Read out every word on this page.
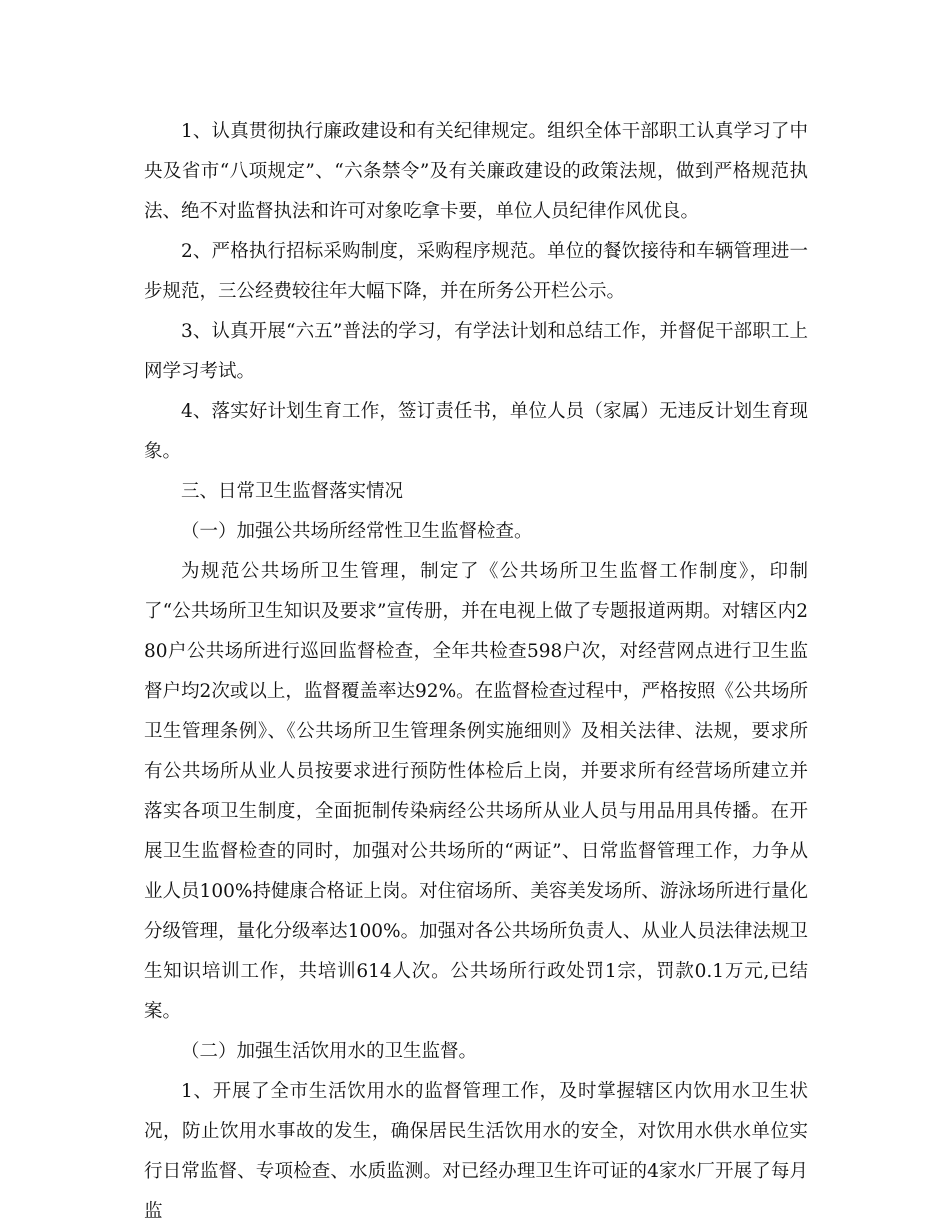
1、认真贯彻执行廉政建设和有关纪律规定。组织全体干部职工认真学习了中央及省市“八项规定”、“六条禁令”及有关廉政建设的政策法规，做到严格规范执法、绝不对监督执法和许可对象吃拿卡要，单位人员纪律作风优良。

2、严格执行招标采购制度，采购程序规范。单位的餐饮接待和车辆管理进一步规范，三公经费较往年大幅下降，并在所务公开栏公示。

3、认真开展“六五”普法的学习，有学法计划和总结工作，并督促干部职工上网学习考试。

4、落实好计划生育工作，签订责任书，单位人员（家属）无违反计划生育现象。

三、日常卫生监督落实情况

（一）加强公共场所经常性卫生监督检查。

为规范公共场所卫生管理，制定了《公共场所卫生监督工作制度》，印制了“公共场所卫生知识及要求”宣传册，并在电视上做了专题报道两期。对辖区内280户公共场所进行巡回监督检查，全年共检查598户次，对经营网点进行卫生监督户均2次或以上，监督覆盖率达92%。在监督检查过程中，严格按照《公共场所卫生管理条例》、《公共场所卫生管理条例实施细则》及相关法律、法规，要求所有公共场所从业人员按要求进行预防性体检后上岗，并要求所有经营场所建立并落实各项卫生制度，全面扼制传染病经公共场所从业人员与用品用具传播。在开展卫生监督检查的同时，加强对公共场所的“两证”、日常监督管理工作，力争从业人员100%持健康合格证上岗。对住宿场所、美容美发场所、游泳场所进行量化分级管理，量化分级率达100%。加强对各公共场所负责人、从业人员法律法规卫生知识培训工作，共培训614人次。公共场所行政处罚1宗，罚款0.1万元,已结案。

（二）加强生活饮用水的卫生监督。

1、开展了全市生活饮用水的监督管理工作，及时掌握辖区内饮用水卫生状况，防止饮用水事故的发生，确保居民生活饮用水的安全，对饮用水供水单位实行日常监督、专项检查、水质监测。对已经办理卫生许可证的4家水厂开展了每月监
